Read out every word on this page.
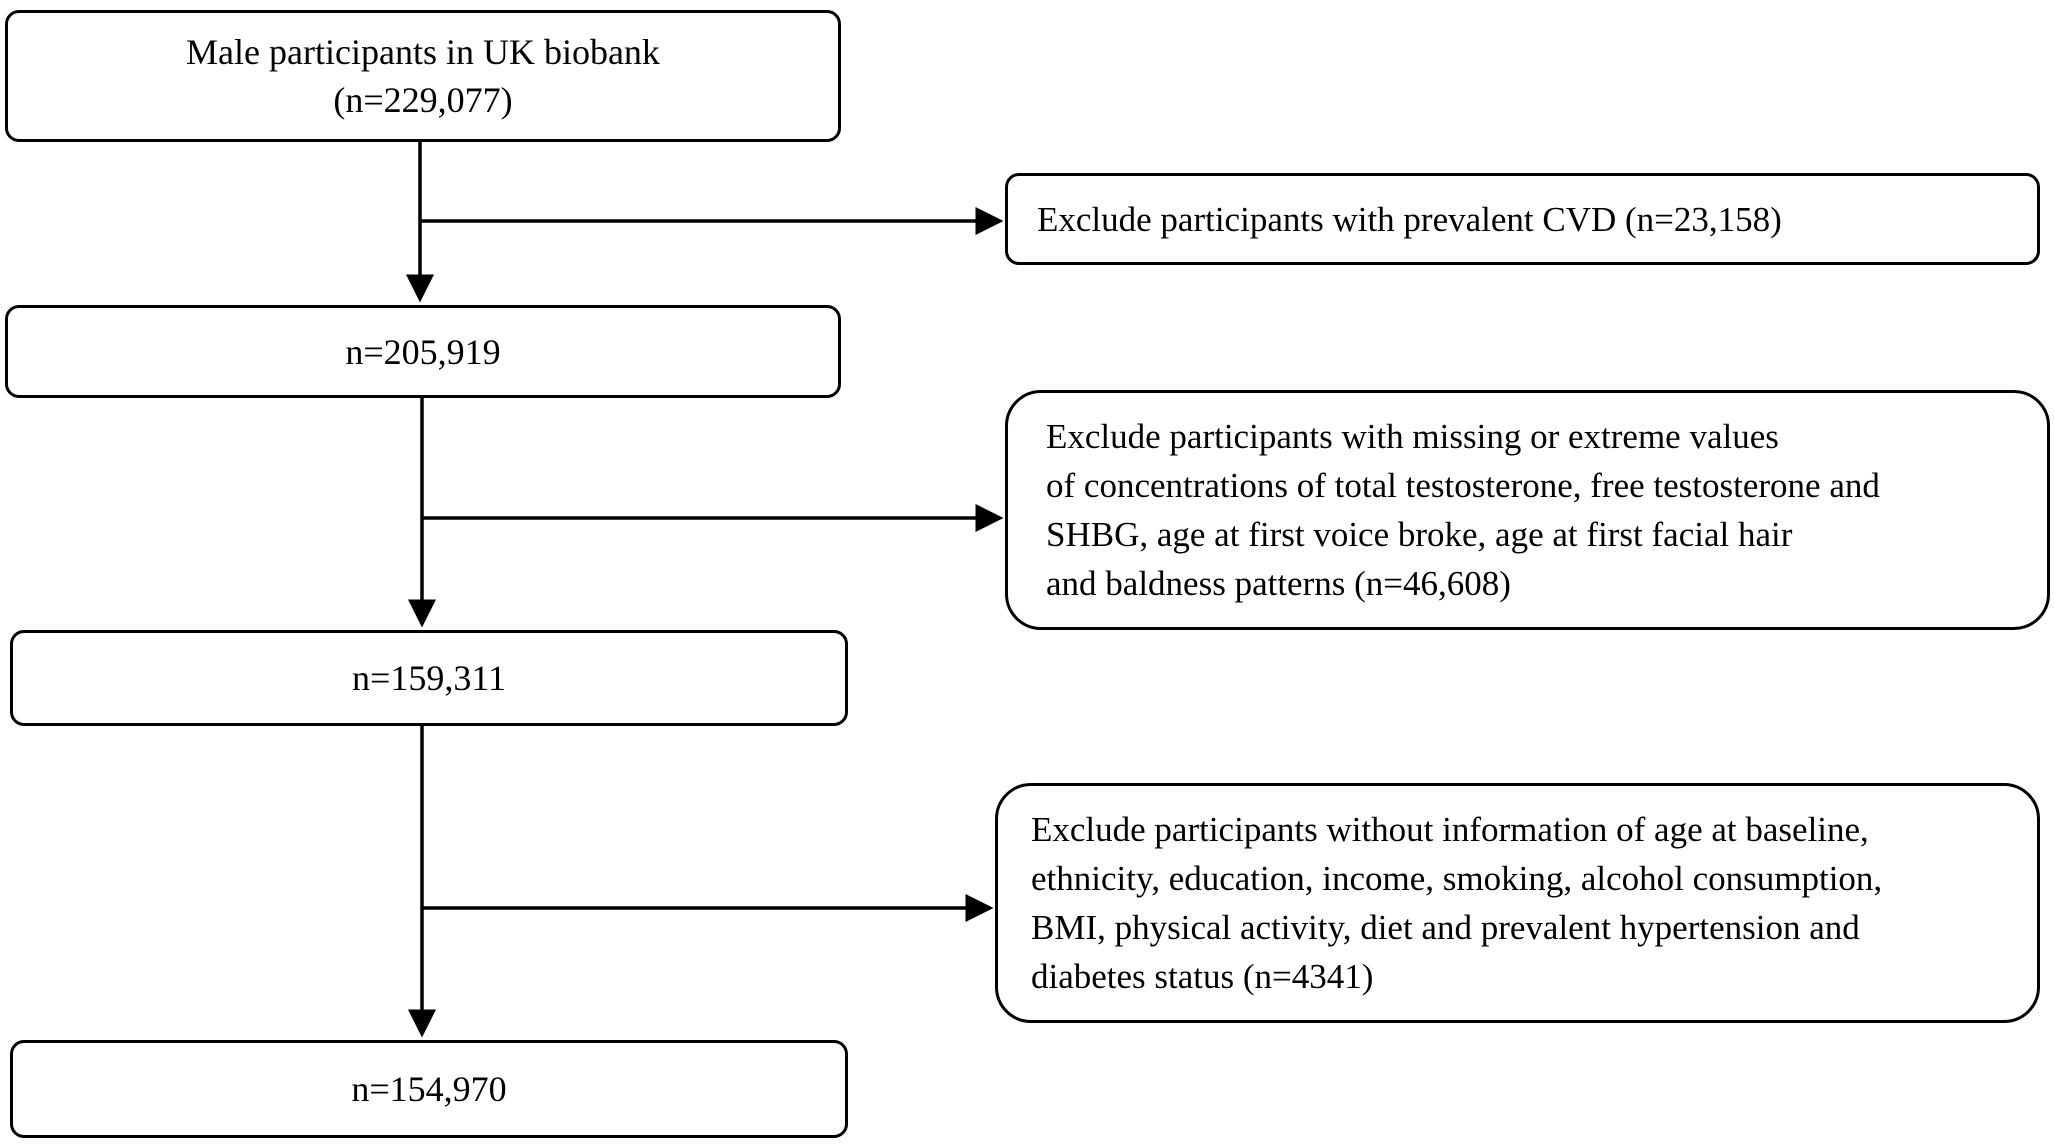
Male participants in UK biobank
(n=229,077)
n=205,919
n=159,311
n=154,970
Exclude participants with prevalent CVD (n=23,158)
Exclude participants with missing or extreme values
of concentrations of total testosterone, free testosterone and
SHBG, age at first voice broke, age at first facial hair
and baldness patterns (n=46,608)
Exclude participants without information of age at baseline,
ethnicity, education, income, smoking, alcohol consumption,
BMI, physical activity, diet and prevalent hypertension and
diabetes status (n=4341)
